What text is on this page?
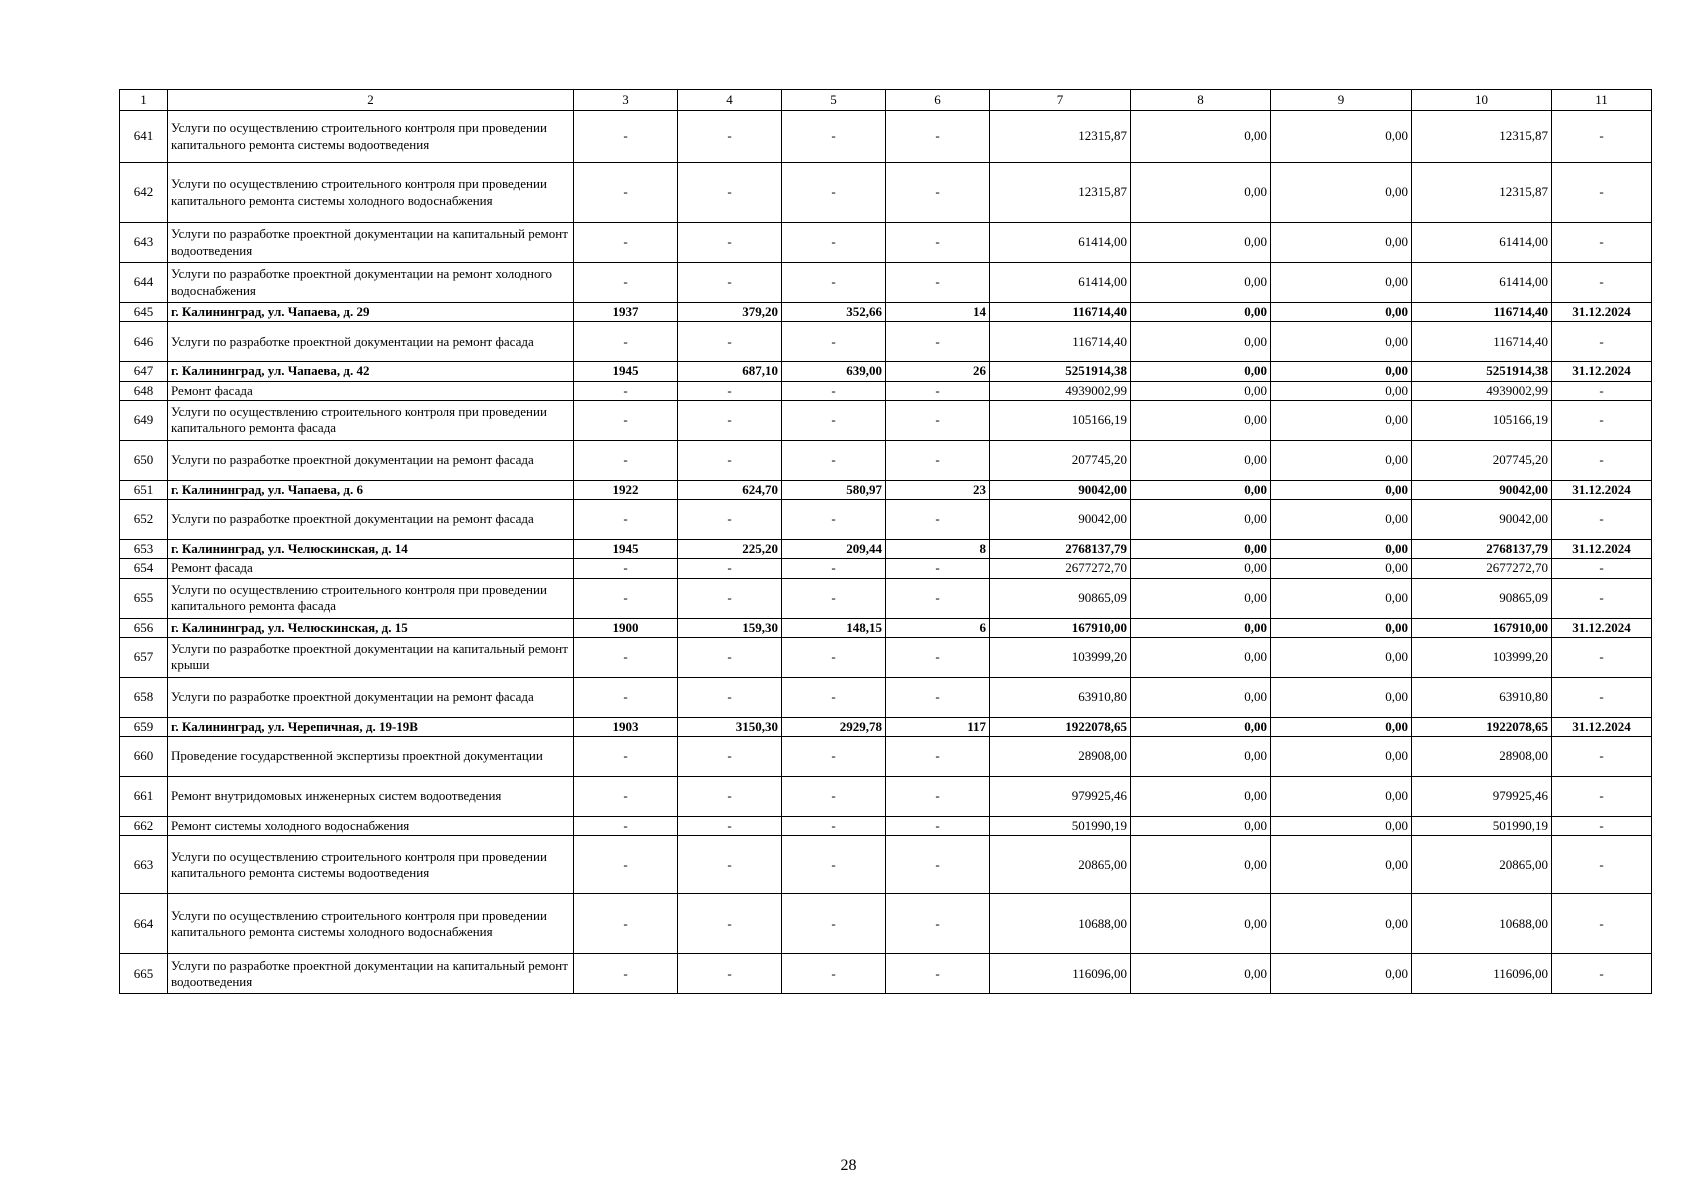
1	2	3	4	5	6	7	8	9	10	11
641	Услуги по осуществлению строительного контроля при проведении капитального ремонта системы водоотведения	-	-	-	-	12315,87	0,00	0,00	12315,87	-
642	Услуги по осуществлению строительного контроля при проведении капитального ремонта системы холодного водоснабжения	-	-	-	-	12315,87	0,00	0,00	12315,87	-
643	Услуги по разработке проектной документации на капитальный ремонт водоотведения	-	-	-	-	61414,00	0,00	0,00	61414,00	-
644	Услуги по разработке проектной документации на ремонт холодного водоснабжения	-	-	-	-	61414,00	0,00	0,00	61414,00	-
645	г. Калининград, ул. Чапаева, д. 29	1937	379,20	352,66	14	116714,40	0,00	0,00	116714,40	31.12.2024
646	Услуги по разработке проектной документации на ремонт фасада	-	-	-	-	116714,40	0,00	0,00	116714,40	-
647	г. Калининград, ул. Чапаева, д. 42	1945	687,10	639,00	26	5251914,38	0,00	0,00	5251914,38	31.12.2024
648	Ремонт фасада	-	-	-	-	4939002,99	0,00	0,00	4939002,99	-
649	Услуги по осуществлению строительного контроля при проведении капитального ремонта фасада	-	-	-	-	105166,19	0,00	0,00	105166,19	-
650	Услуги по разработке проектной документации на ремонт фасада	-	-	-	-	207745,20	0,00	0,00	207745,20	-
651	г. Калининград, ул. Чапаева, д. 6	1922	624,70	580,97	23	90042,00	0,00	0,00	90042,00	31.12.2024
652	Услуги по разработке проектной документации на ремонт фасада	-	-	-	-	90042,00	0,00	0,00	90042,00	-
653	г. Калининград, ул. Челюскинская, д. 14	1945	225,20	209,44	8	2768137,79	0,00	0,00	2768137,79	31.12.2024
654	Ремонт фасада	-	-	-	-	2677272,70	0,00	0,00	2677272,70	-
655	Услуги по осуществлению строительного контроля при проведении капитального ремонта фасада	-	-	-	-	90865,09	0,00	0,00	90865,09	-
656	г. Калининград, ул. Челюскинская, д. 15	1900	159,30	148,15	6	167910,00	0,00	0,00	167910,00	31.12.2024
657	Услуги по разработке проектной документации на капитальный ремонт крыши	-	-	-	-	103999,20	0,00	0,00	103999,20	-
658	Услуги по разработке проектной документации на ремонт фасада	-	-	-	-	63910,80	0,00	0,00	63910,80	-
659	г. Калининград, ул. Черепичная, д. 19-19В	1903	3150,30	2929,78	117	1922078,65	0,00	0,00	1922078,65	31.12.2024
660	Проведение государственной экспертизы проектной документации	-	-	-	-	28908,00	0,00	0,00	28908,00	-
661	Ремонт внутридомовых инженерных систем водоотведения	-	-	-	-	979925,46	0,00	0,00	979925,46	-
662	Ремонт системы холодного водоснабжения	-	-	-	-	501990,19	0,00	0,00	501990,19	-
663	Услуги по осуществлению строительного контроля при проведении капитального ремонта системы водоотведения	-	-	-	-	20865,00	0,00	0,00	20865,00	-
664	Услуги по осуществлению строительного контроля при проведении капитального ремонта системы холодного водоснабжения	-	-	-	-	10688,00	0,00	0,00	10688,00	-
665	Услуги по разработке проектной документации на капитальный ремонт водоотведения	-	-	-	-	116096,00	0,00	0,00	116096,00	-
28
